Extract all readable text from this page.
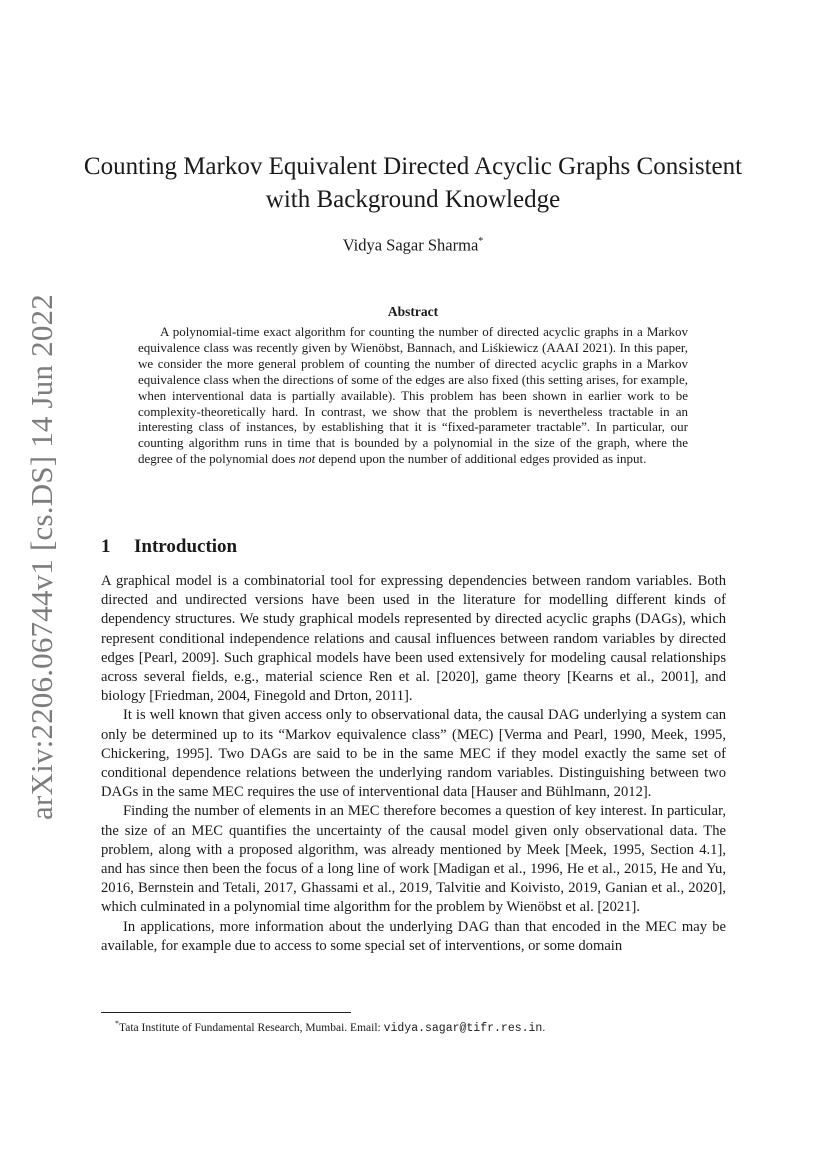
arXiv:2206.06744v1 [cs.DS] 14 Jun 2022
Counting Markov Equivalent Directed Acyclic Graphs Consistent
with Background Knowledge
Vidya Sagar Sharma*
Abstract

A polynomial-time exact algorithm for counting the number of directed acyclic graphs in a Markov equivalence class was recently given by Wienöbst, Bannach, and Liśkiewicz (AAAI 2021). In this paper, we consider the more general problem of counting the number of directed acyclic graphs in a Markov equivalence class when the directions of some of the edges are also fixed (this setting arises, for example, when interventional data is partially available). This problem has been shown in earlier work to be complexity-theoretically hard. In contrast, we show that the problem is nevertheless tractable in an interesting class of instances, by establishing that it is “fixed-parameter tractable”. In particular, our counting algorithm runs in time that is bounded by a polynomial in the size of the graph, where the degree of the polynomial does not depend upon the number of additional edges provided as input.

1 Introduction

A graphical model is a combinatorial tool for expressing dependencies between random variables. Both directed and undirected versions have been used in the literature for modelling different kinds of dependency structures. We study graphical models represented by directed acyclic graphs (DAGs), which represent conditional independence relations and causal influences between random variables by directed edges [Pearl, 2009]. Such graphical models have been used extensively for modeling causal relationships across several fields, e.g., material science Ren et al. [2020], game theory [Kearns et al., 2001], and biology [Friedman, 2004, Finegold and Drton, 2011].

It is well known that given access only to observational data, the causal DAG underlying a system can only be determined up to its “Markov equivalence class” (MEC) [Verma and Pearl, 1990, Meek, 1995, Chickering, 1995]. Two DAGs are said to be in the same MEC if they model exactly the same set of conditional dependence relations between the underlying random variables. Distinguishing between two DAGs in the same MEC requires the use of interventional data [Hauser and Bühlmann, 2012].

Finding the number of elements in an MEC therefore becomes a question of key interest. In particular, the size of an MEC quantifies the uncertainty of the causal model given only observational data. The problem, along with a proposed algorithm, was already mentioned by Meek [Meek, 1995, Section 4.1], and has since then been the focus of a long line of work [Madigan et al., 1996, He et al., 2015, He and Yu, 2016, Bernstein and Tetali, 2017, Ghassami et al., 2019, Talvitie and Koivisto, 2019, Ganian et al., 2020], which culminated in a polynomial time algorithm for the problem by Wienöbst et al. [2021].

In applications, more information about the underlying DAG than that encoded in the MEC may be available, for example due to access to some special set of interventions, or some domain

*Tata Institute of Fundamental Research, Mumbai. Email: vidya.sagar@tifr.res.in.
